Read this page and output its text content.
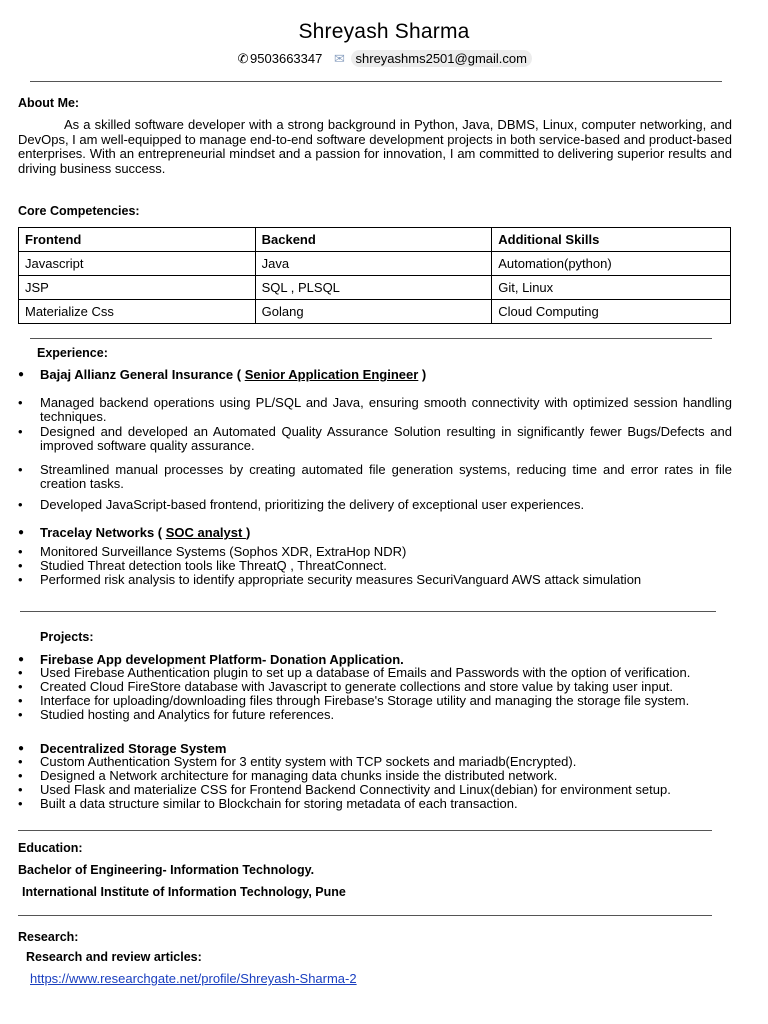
Shreyash Sharma
✆ 9503663347 ✉ shreyashms2501@gmail.com
About Me:
As a skilled software developer with a strong background in Python, Java, DBMS, Linux, computer networking, and DevOps, I am well-equipped to manage end-to-end software development projects in both service-based and product-based enterprises. With an entrepreneurial mindset and a passion for innovation, I am committed to delivering superior results and driving business success.
Core Competencies:
Frontend	Backend	Additional Skills
Javascript	Java	Automation(python)
JSP	SQL , PLSQL	Git, Linux
Materialize Css	Golang	Cloud Computing
Experience:
●	Bajaj Allianz General Insurance ( Senior Application Engineer )
•	Managed backend operations using PL/SQL and Java, ensuring smooth connectivity with optimized session handling techniques.
•	Designed and developed an Automated Quality Assurance Solution resulting in significantly fewer Bugs/Defects and improved software quality assurance.
•	Streamlined manual processes by creating automated file generation systems, reducing time and error rates in file creation tasks.
•	Developed JavaScript-based frontend, prioritizing the delivery of exceptional user experiences.
●	Tracelay Networks ( SOC analyst )
•	Monitored Surveillance Systems (Sophos XDR, ExtraHop NDR)
•	Studied Threat detection tools like ThreatQ , ThreatConnect.
•	Performed risk analysis to identify appropriate security measures SecuriVanguard AWS attack simulation
Projects:
●	Firebase App development Platform- Donation Application.
•	Used Firebase Authentication plugin to set up a database of Emails and Passwords with the option of verification.
•	Created Cloud FireStore database with Javascript to generate collections and store value by taking user input.
•	Interface for uploading/downloading files through Firebase's Storage utility and managing the storage file system.
•	Studied hosting and Analytics for future references.
●	Decentralized Storage System
•	Custom Authentication System for 3 entity system with TCP sockets and mariadb(Encrypted).
•	Designed a Network architecture for managing data chunks inside the distributed network.
•	Used Flask and materialize CSS for Frontend Backend Connectivity and Linux(debian) for environment setup.
•	Built a data structure similar to Blockchain for storing metadata of each transaction.
Education:
Bachelor of Engineering- Information Technology.
International Institute of Information Technology, Pune
Research:
Research and review articles:
https://www.researchgate.net/profile/Shreyash-Sharma-2
